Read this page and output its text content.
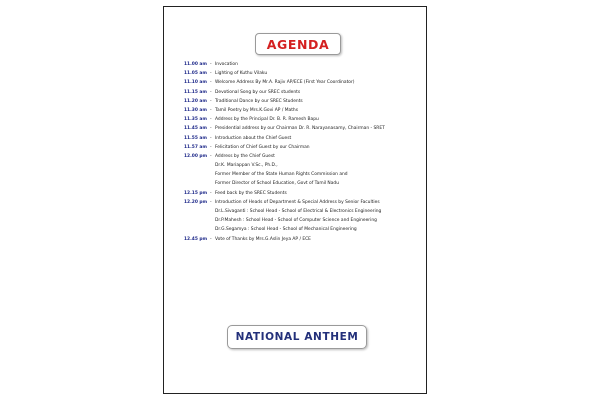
AGENDA
11.00 am - Invocation
11.05 am - Lighting of Kuthu Vilaku
11.10 am - Welcome Address By Mr.A. Rajiv AP/ECE (First Year Coordinator)
11.15 am - Devotional Song by our SREC students
11.20 am - Traditional Dance by our SREC Students
11.30 am - Tamil Poetry by Mrs.K.Govi AP / Maths
11.35 am - Address by the Principal Dr. B. R. Ramesh Bapu
11.45 am - Presidential address by our Chairman Dr. R. Narayanasamy, Chairman - SRET
11.55 am - Introduction about the Chief Guest
11.57 am - Felicitation of Chief Guest by our Chairman
12.00 pm - Address by the Chief Guest
Dr.K. Mariappan V.Sc., Ph.D.,
Former Member of the State Human Rights Commission and
Former Director of School Education, Govt of Tamil Nadu
12.15 pm - Feed back by the SREC Students
12.20 pm - Introduction of Heads of Department & Special Address by Senior Faculties
Dr.L.Sivaganti : School Head - School of Electrical & Electronics Engineering
Dr.P.Mahesh : School Head - School of Computer Science and Engineering
Dr.G.Segamya : School Head - School of Mechanical Engineering
12.45 pm - Vote of Thanks by Mrs.G.Aslin Jeya AP / ECE
NATIONAL ANTHEM
